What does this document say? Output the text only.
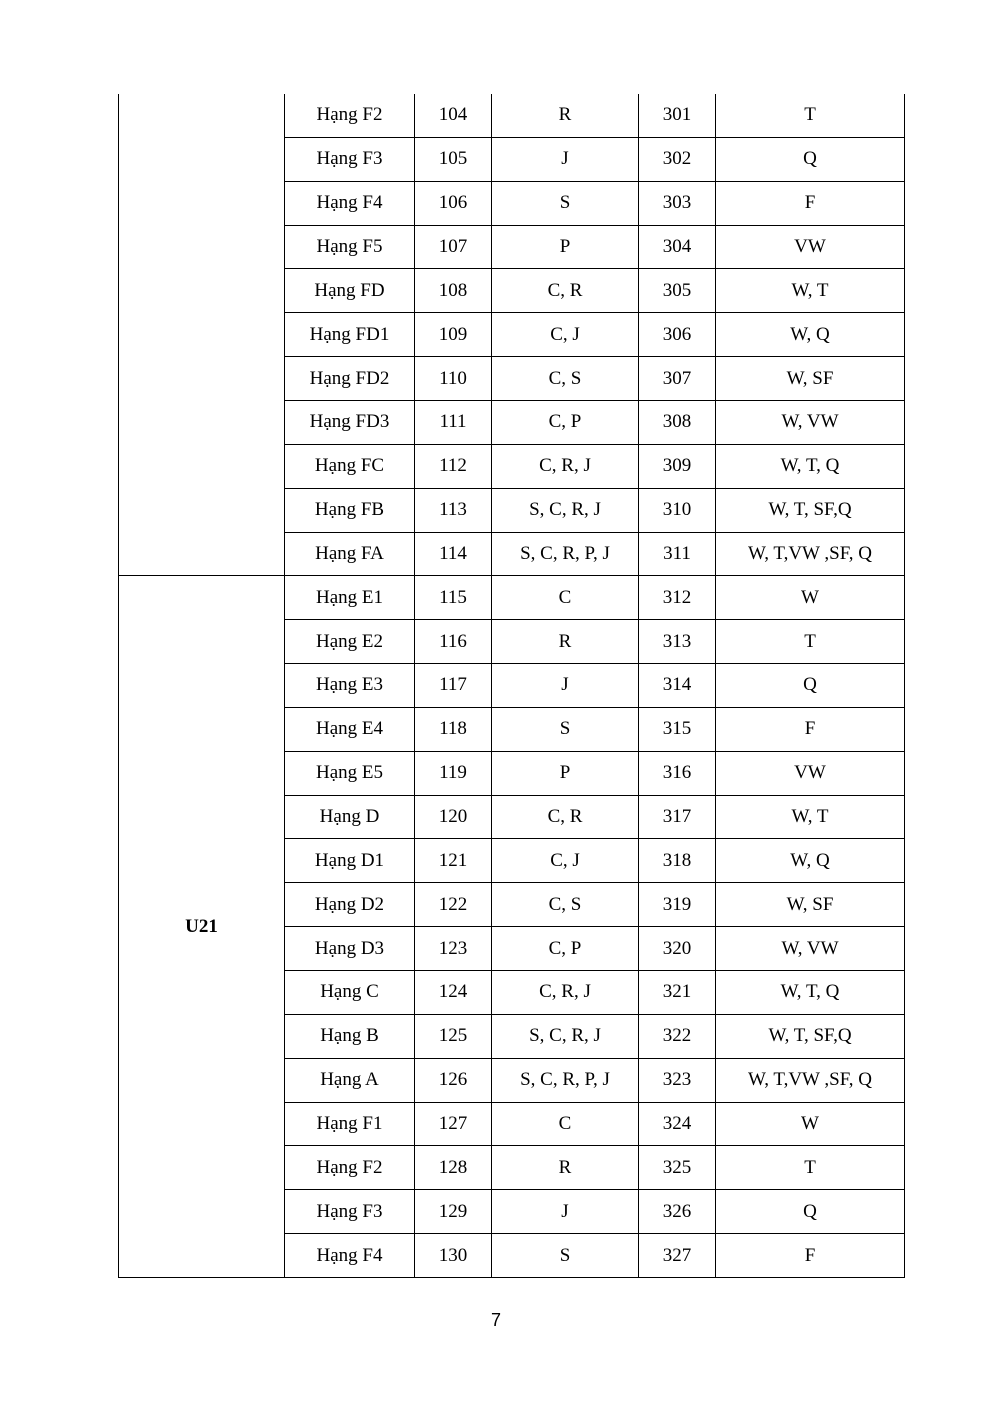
U21
Hạng F2	104	R	301	T
Hạng F3	105	J	302	Q
Hạng F4	106	S	303	F
Hạng F5	107	P	304	VW
Hạng FD	108	C, R	305	W, T
Hạng FD1	109	C, J	306	W, Q
Hạng FD2	110	C, S	307	W, SF
Hạng FD3	111	C, P	308	W, VW
Hạng FC	112	C, R, J	309	W, T, Q
Hạng FB	113	S, C, R, J	310	W, T, SF,Q
Hạng FA	114	S, C, R, P, J	311	W, T,VW ,SF, Q
Hạng E1	115	C	312	W
Hạng E2	116	R	313	T
Hạng E3	117	J	314	Q
Hạng E4	118	S	315	F
Hạng E5	119	P	316	VW
Hạng D	120	C, R	317	W, T
Hạng D1	121	C, J	318	W, Q
Hạng D2	122	C, S	319	W, SF
Hạng D3	123	C, P	320	W, VW
Hạng C	124	C, R, J	321	W, T, Q
Hạng B	125	S, C, R, J	322	W, T, SF,Q
Hạng A	126	S, C, R, P, J	323	W, T,VW ,SF, Q
Hạng F1	127	C	324	W
Hạng F2	128	R	325	T
Hạng F3	129	J	326	Q
Hạng F4	130	S	327	F
7
